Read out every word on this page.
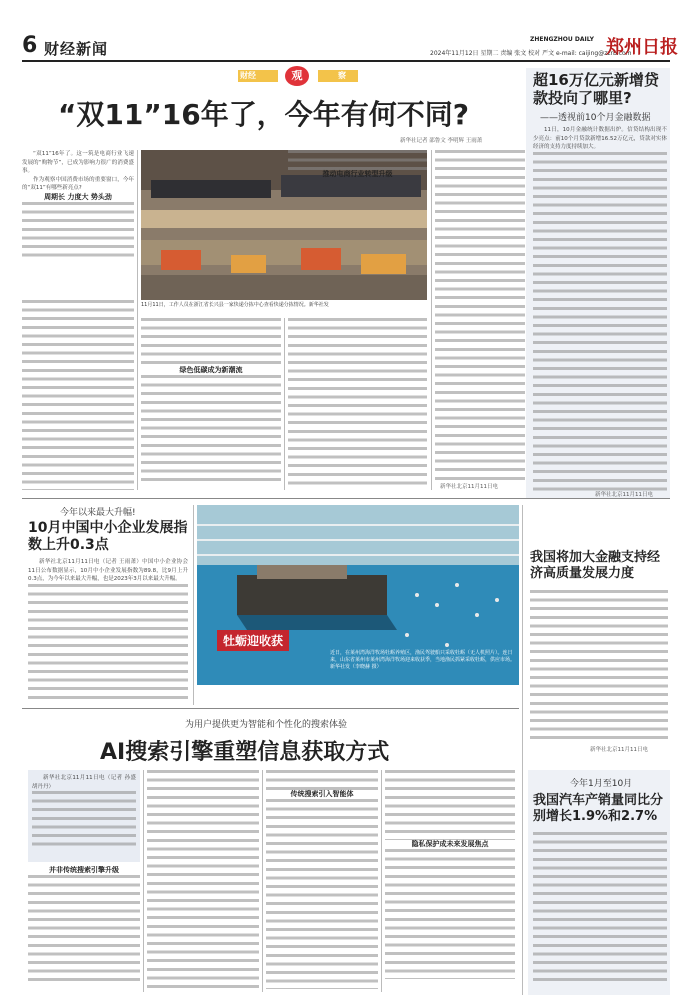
6 财经新闻
ZHENGZHOU DAILY
2024年11月12日 星期二 责编 张文 校对 严文 e-mail: caijing@zzrb.com
郑州日报
财经	观	察
“双11”16年了，今年有何不同?
新华社记者 邵鲁文 李明辉 王雨萧

“双11”16年了。这一筑是电商行业飞速发展的“购物节”，已成为影响力很广的消费盛事。

作为观察中国消费市场的重要窗口，今年的“双11”有哪些新亮点?

周期长 力度大 势头劲

11月11日，工作人员在浙江省长兴县一家快递分拣中心查看快递分拣情况。新华社发

绿色低碳成为新潮流

推动电商行业转型升级

新华社北京11月11日电
超16万亿元新增贷款投向了哪里?
——透视前10个月金融数据

11日，10月金融统计数据出炉。信贷结构出现不少亮点：前10个月贷款新增16.52万亿元，贷款对实体经济的支持力度持续加大。

新华社北京11月11日电
今年以来最大升幅!
10月中国中小企业发展指数上升0.3点

新华社北京11月11日电（记者 王雨萧）中国中小企业协会11日公布数据显示，10月中小企业发展指数为89.8，比9月上升0.3点，为今年以来最大升幅，也是2023年3月以来最大升幅。

牡蛎迎收获
近日，在莱州湾海洋牧场牡蛎养殖区，渔民驾驶船只采收牡蛎（无人机照片）。连日来，山东省莱州市莱州湾海洋牧场迎来收获季，当地渔民抓紧采收牡蛎，供应市场。新华社发（李晓赫 摄）
为用户提供更为智能和个性化的搜索体验
AI搜索引擎重塑信息获取方式

新华社北京11月11日电（记者 孙盛 胡丹丹）

并非传统搜索引擎升级

传统搜索引入智能体

隐私保护成未来发展焦点

我国将加大金融支持经济高质量发展力度
新华社北京11月11日电
今年1月至10月
我国汽车产销量同比分别增长1.9%和2.7%
